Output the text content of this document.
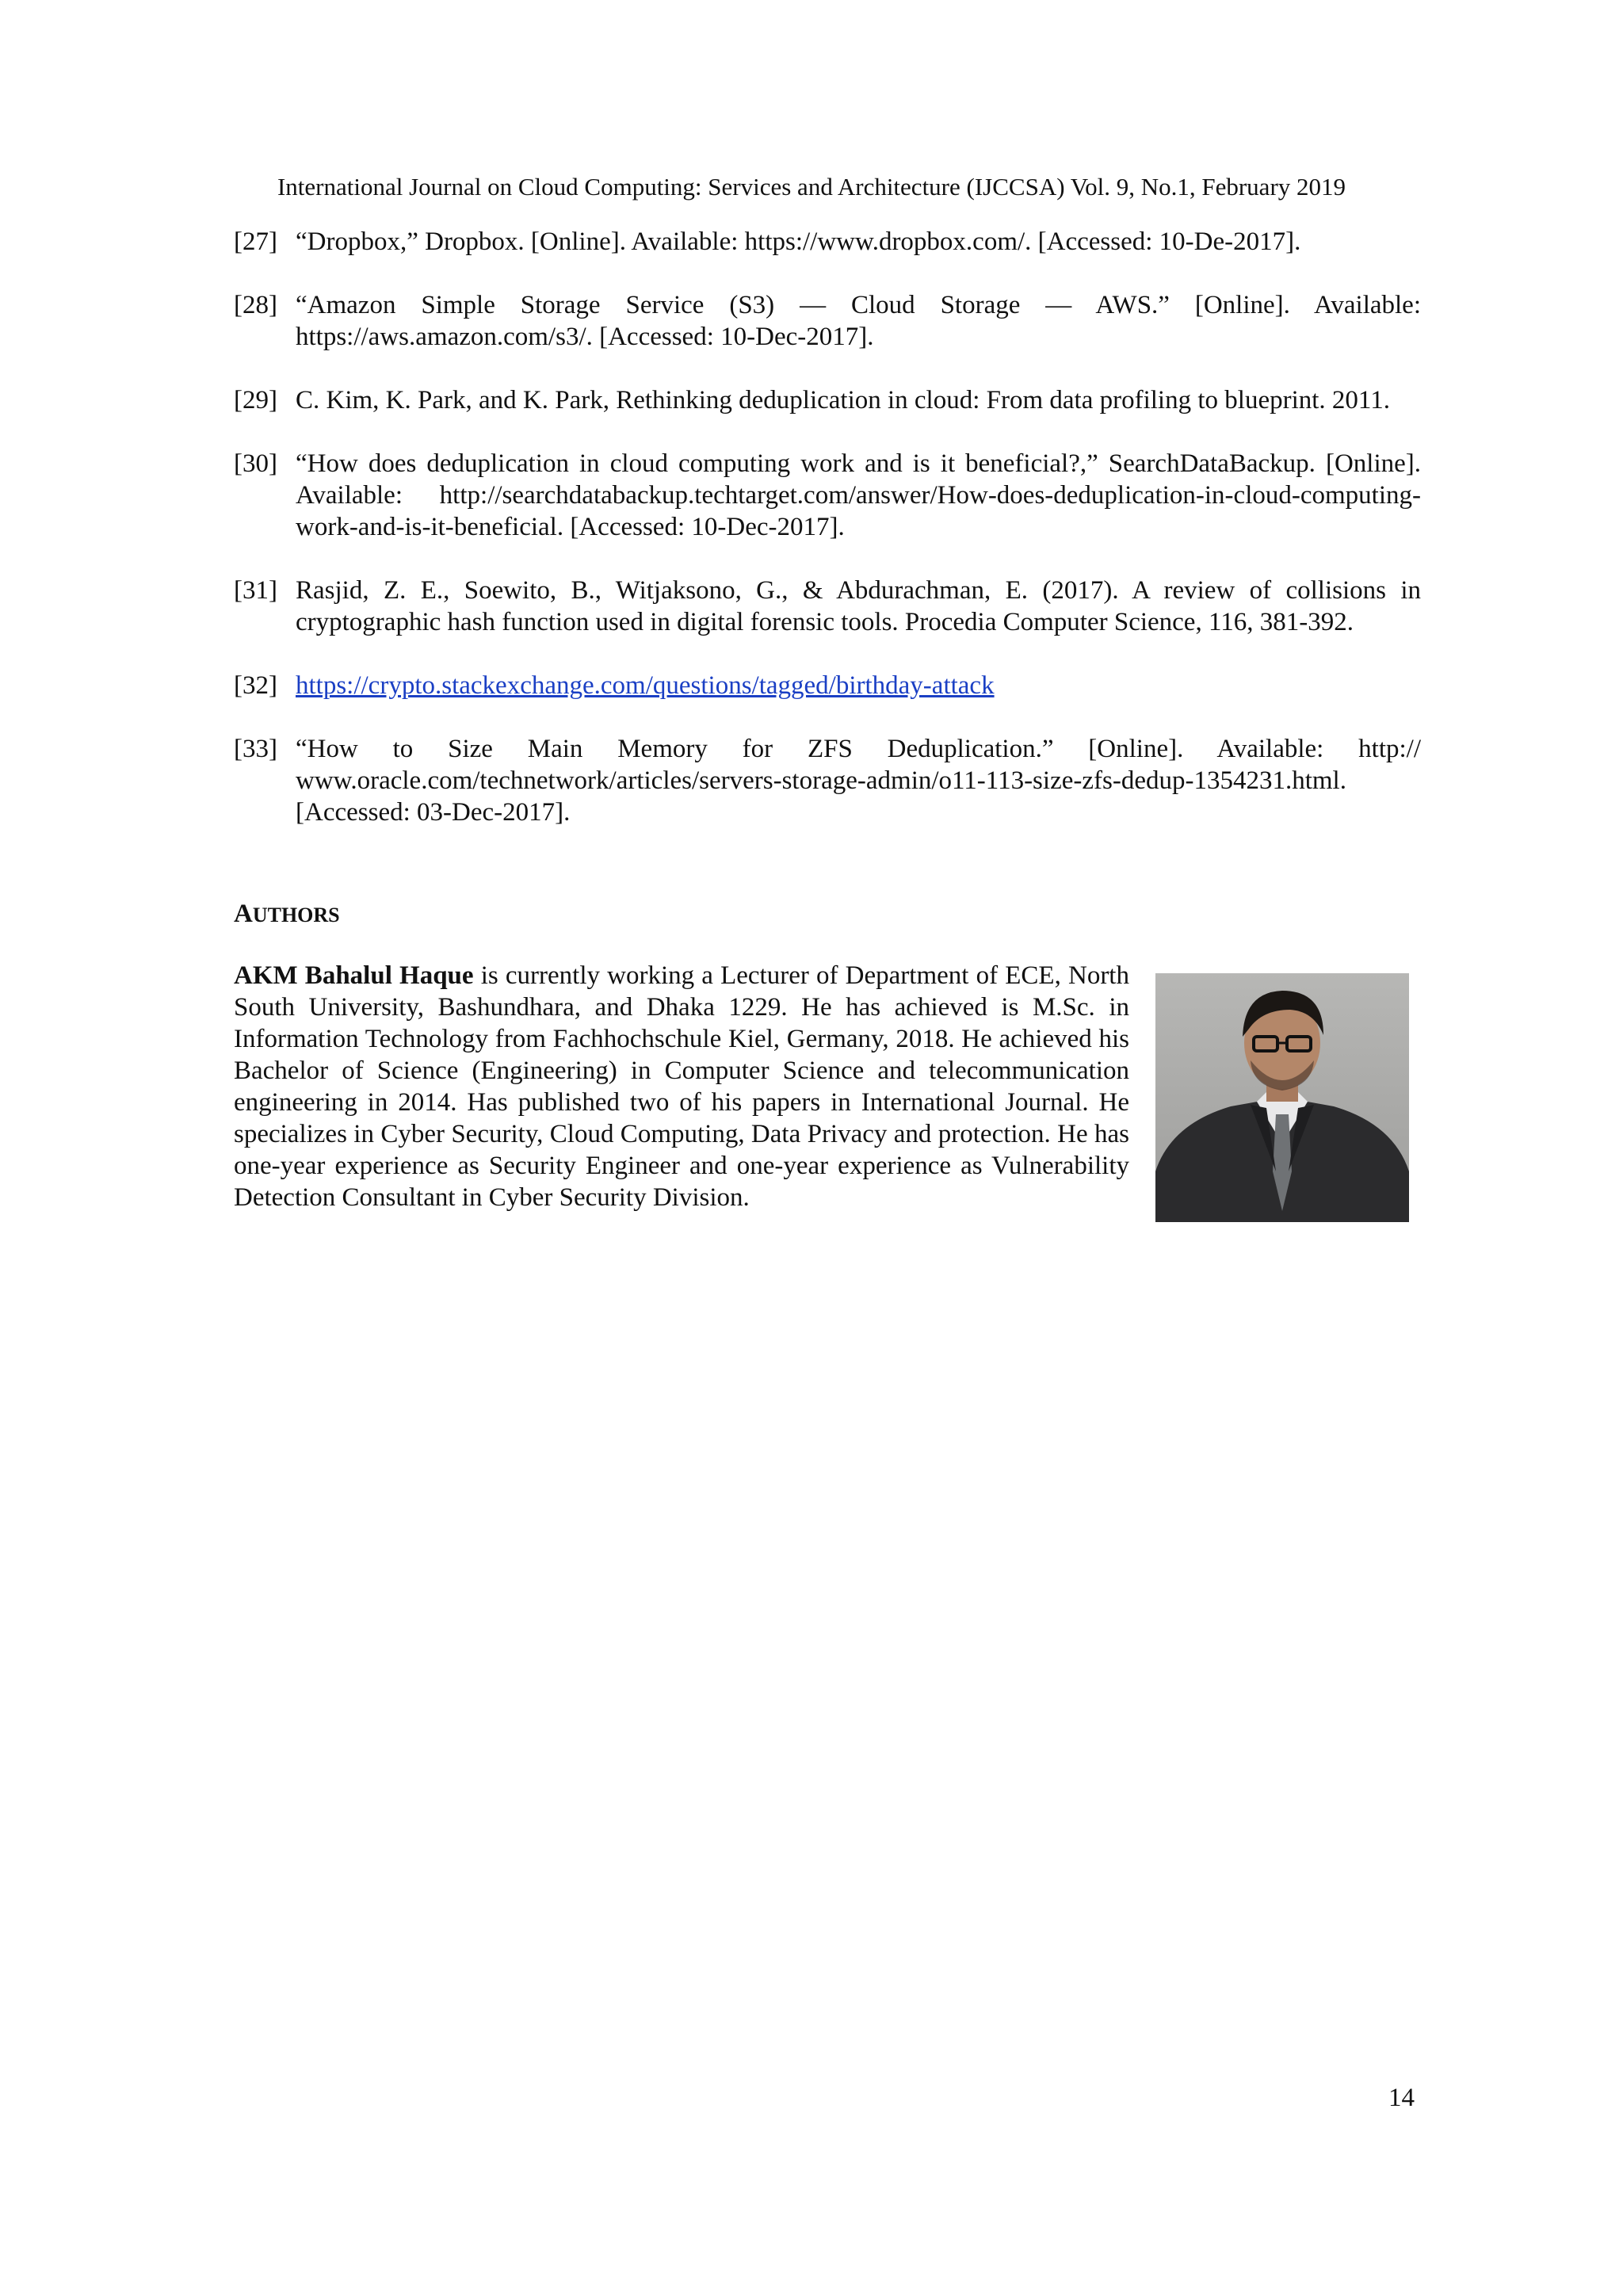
International Journal on Cloud Computing: Services and Architecture (IJCCSA) Vol. 9, No.1, February 2019
[27] “Dropbox,” Dropbox. [Online]. Available: https://www.dropbox.com/. [Accessed: 10-De-2017].
[28] “Amazon Simple Storage Service (S3) — Cloud Storage — AWS.” [Online]. Available: https://aws.amazon.com/s3/. [Accessed: 10-Dec-2017].
[29] C. Kim, K. Park, and K. Park, Rethinking deduplication in cloud: From data profiling to blueprint. 2011.
[30] “How does deduplication in cloud computing work and is it beneficial?,” SearchDataBackup. [Online]. Available: http://searchdatabackup.techtarget.com/answer/How-does-deduplication-in-cloud-computing-work-and-is-it-beneficial. [Accessed: 10-Dec-2017].
[31] Rasjid, Z. E., Soewito, B., Witjaksono, G., & Abdurachman, E. (2017). A review of collisions in cryptographic hash function used in digital forensic tools. Procedia Computer Science, 116, 381-392.
[32] https://crypto.stackexchange.com/questions/tagged/birthday-attack
[33] “How to Size Main Memory for ZFS Deduplication.” [Online]. Available: http:// www.oracle.com/technetwork/articles/servers-storage-admin/o11-113-size-zfs-dedup-1354231.html. [Accessed: 03-Dec-2017].
AUTHORS
AKM Bahalul Haque is currently working a Lecturer of Department of ECE, North South University, Bashundhara, and Dhaka 1229. He has achieved is M.Sc. in Information Technology from Fachhochschule Kiel, Germany, 2018. He achieved his Bachelor of Science (Engineering) in Computer Science and telecommunication engineering in 2014. Has published two of his papers in International Journal. He specializes in Cyber Security, Cloud Computing, Data Privacy and protection. He has one-year experience as Security Engineer and one-year experience as Vulnerability Detection Consultant in Cyber Security Division.
14
